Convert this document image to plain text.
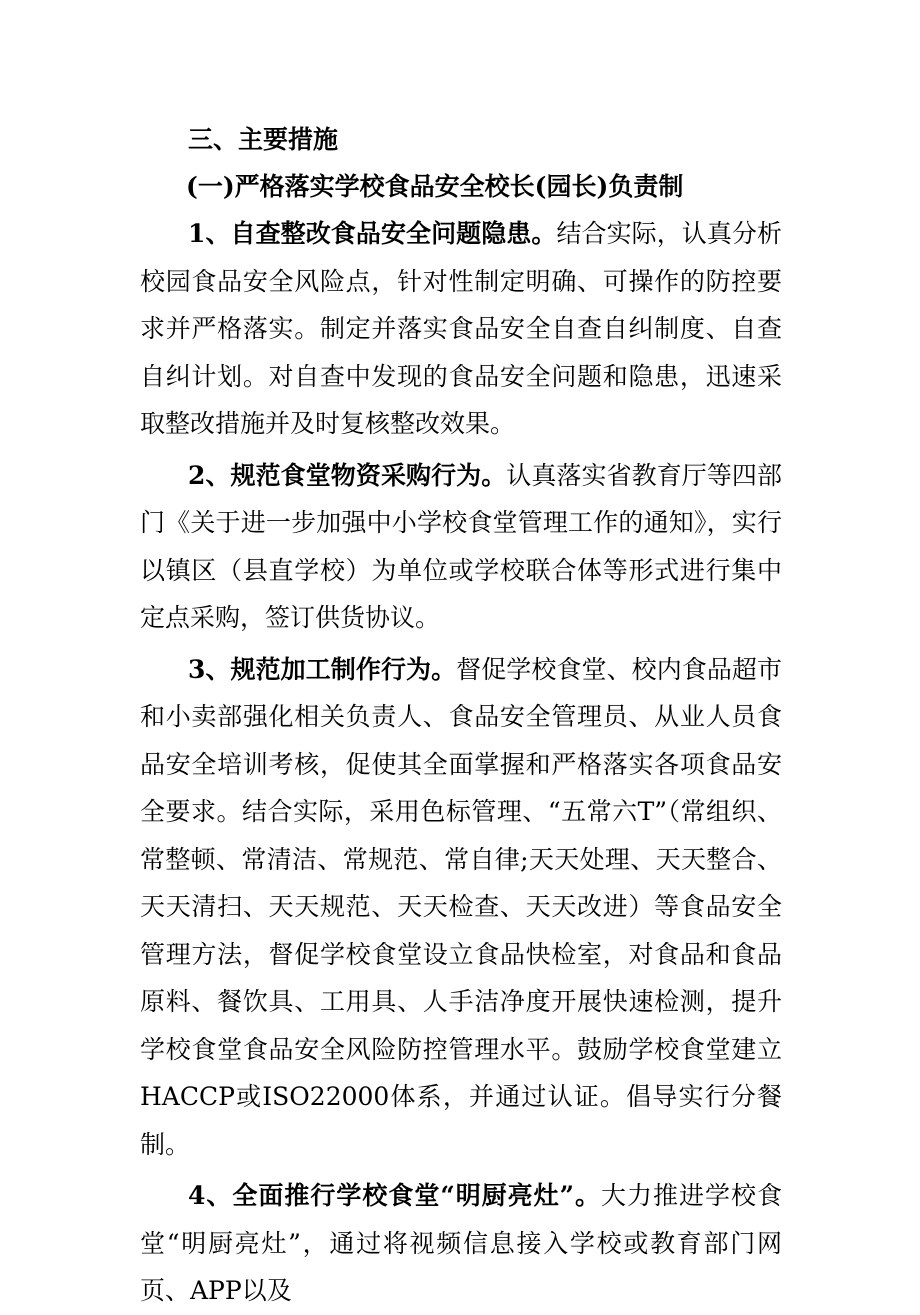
三、主要措施

(一)严格落实学校食品安全校长(园长)负责制

1、自查整改食品安全问题隐患。结合实际，认真分析校园食品安全风险点，针对性制定明确、可操作的防控要求并严格落实。制定并落实食品安全自查自纠制度、自查自纠计划。对自查中发现的食品安全问题和隐患，迅速采取整改措施并及时复核整改效果。

2、规范食堂物资采购行为。认真落实省教育厅等四部门《关于进一步加强中小学校食堂管理工作的通知》，实行以镇区（县直学校）为单位或学校联合体等形式进行集中定点采购，签订供货协议。

3、规范加工制作行为。督促学校食堂、校内食品超市和小卖部强化相关负责人、食品安全管理员、从业人员食品安全培训考核，促使其全面掌握和严格落实各项食品安全要求。结合实际，采用色标管理、“五常六T”（常组织、常整顿、常清洁、常规范、常自律;天天处理、天天整合、天天清扫、天天规范、天天检查、天天改进）等食品安全管理方法，督促学校食堂设立食品快检室，对食品和食品原料、餐饮具、工用具、人手洁净度开展快速检测，提升学校食堂食品安全风险防控管理水平。鼓励学校食堂建立HACCP或ISO22000体系，并通过认证。倡导实行分餐制。

4、全面推行学校食堂“明厨亮灶”。大力推进学校食堂“明厨亮灶”，通过将视频信息接入学校或教育部门网页、APP以及
